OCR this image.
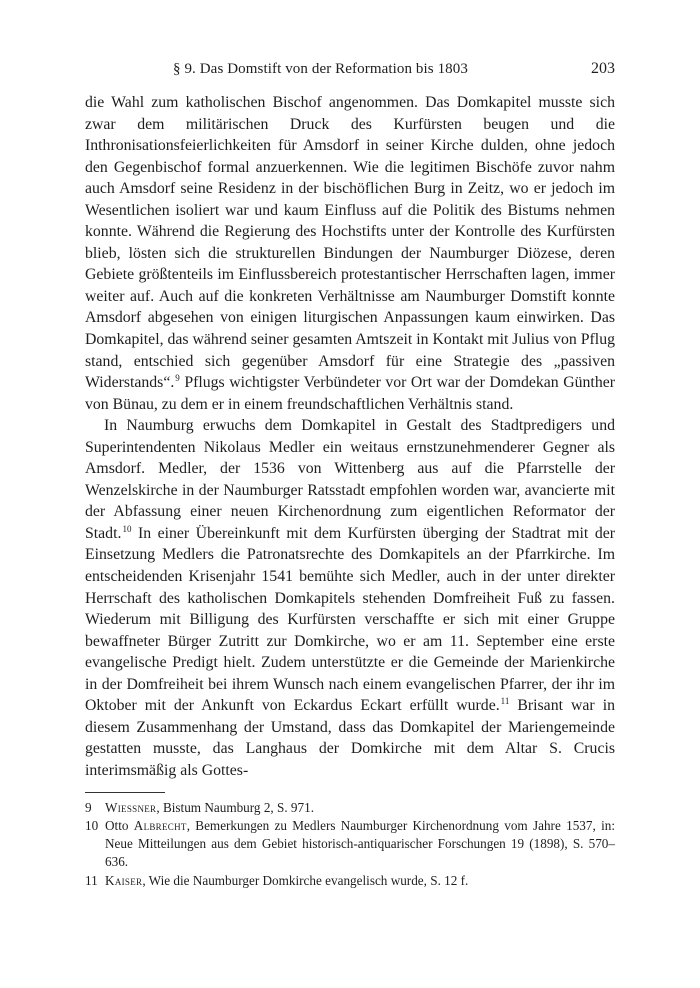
§ 9. Das Domstift von der Reformation bis 1803	203

die Wahl zum katholischen Bischof angenommen. Das Domkapitel musste sich zwar dem militärischen Druck des Kurfürsten beugen und die Inthronisationsfeierlichkeiten für Amsdorf in seiner Kirche dulden, ohne jedoch den Gegenbischof formal anzuerkennen. Wie die legitimen Bischöfe zuvor nahm auch Amsdorf seine Residenz in der bischöflichen Burg in Zeitz, wo er jedoch im Wesentlichen isoliert war und kaum Einfluss auf die Politik des Bistums nehmen konnte. Während die Regierung des Hochstifts unter der Kontrolle des Kurfürsten blieb, lösten sich die strukturellen Bindungen der Naumburger Diözese, deren Gebiete größtenteils im Einflussbereich protestantischer Herrschaften lagen, immer weiter auf. Auch auf die konkreten Verhältnisse am Naumburger Domstift konnte Amsdorf abgesehen von einigen liturgischen Anpassungen kaum einwirken. Das Domkapitel, das während seiner gesamten Amtszeit in Kontakt mit Julius von Pflug stand, entschied sich gegenüber Amsdorf für eine Strategie des „passiven Widerstands“.$^9$ Pflugs wichtigster Verbündeter vor Ort war der Domdekan Günther von Bünau, zu dem er in einem freundschaftlichen Verhältnis stand.

In Naumburg erwuchs dem Domkapitel in Gestalt des Stadtpredigers und Superintendenten Nikolaus Medler ein weitaus ernstzunehmenderer Gegner als Amsdorf. Medler, der 1536 von Wittenberg aus auf die Pfarrstelle der Wenzelskirche in der Naumburger Ratsstadt empfohlen worden war, avancierte mit der Abfassung einer neuen Kirchenordnung zum eigentlichen Reformator der Stadt.$^{10}$ In einer Übereinkunft mit dem Kurfürsten überging der Stadtrat mit der Einsetzung Medlers die Patronatsrechte des Domkapitels an der Pfarrkirche. Im entscheidenden Krisenjahr 1541 bemühte sich Medler, auch in der unter direkter Herrschaft des katholischen Domkapitels stehenden Domfreiheit Fuß zu fassen. Wiederum mit Billigung des Kurfürsten verschaffte er sich mit einer Gruppe bewaffneter Bürger Zutritt zur Domkirche, wo er am 11. September eine erste evangelische Predigt hielt. Zudem unterstützte er die Gemeinde der Marienkirche in der Domfreiheit bei ihrem Wunsch nach einem evangelischen Pfarrer, der ihr im Oktober mit der Ankunft von Eckardus Eckart erfüllt wurde.$^{11}$ Brisant war in diesem Zusammenhang der Umstand, dass das Domkapitel der Mariengemeinde gestatten musste, das Langhaus der Domkirche mit dem Altar S. Crucis interimsmäßig als Gottes-

9	Wiessner, Bistum Naumburg 2, S. 971.
10 Otto Albrecht, Bemerkungen zu Medlers Naumburger Kirchenordnung vom Jahre 1537, in: Neue Mitteilungen aus dem Gebiet historisch-antiquarischer Forschungen 19 (1898), S. 570–636.
11 Kaiser, Wie die Naumburger Domkirche evangelisch wurde, S. 12 f.
